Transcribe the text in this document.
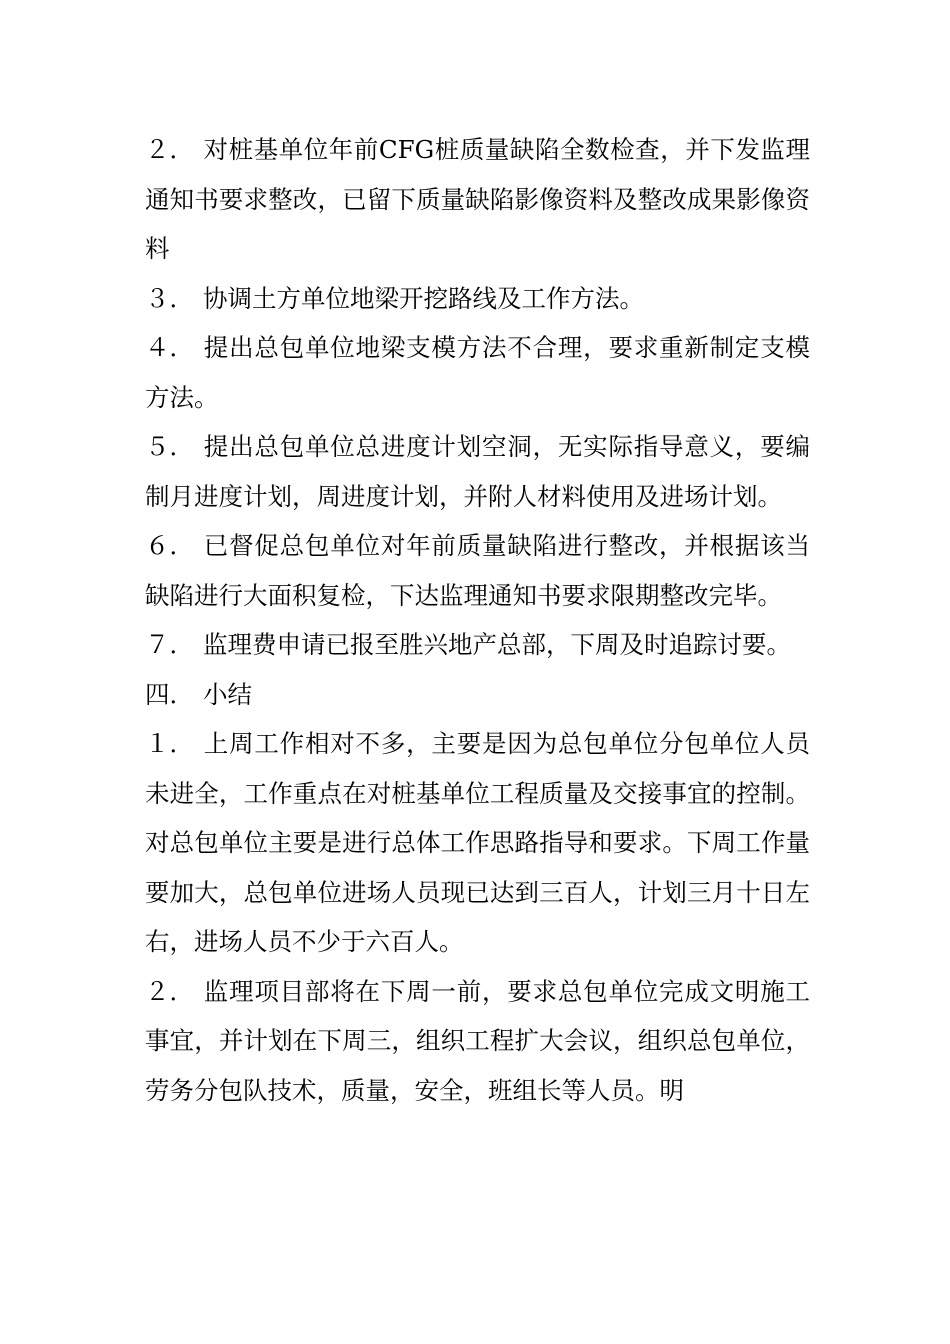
２． 对桩基单位年前CFG桩质量缺陷全数检查，并下发监理通知书要求整改，已留下质量缺陷影像资料及整改成果影像资料

３． 协调土方单位地梁开挖路线及工作方法。

４． 提出总包单位地梁支模方法不合理，要求重新制定支模方法。

５． 提出总包单位总进度计划空洞，无实际指导意义，要编制月进度计划，周进度计划，并附人材料使用及进场计划。

６． 已督促总包单位对年前质量缺陷进行整改，并根据该当缺陷进行大面积复检，下达监理通知书要求限期整改完毕。

７． 监理费申请已报至胜兴地产总部，下周及时追踪讨要。

四． 小结

１． 上周工作相对不多，主要是因为总包单位分包单位人员未进全，工作重点在对桩基单位工程质量及交接事宜的控制。对总包单位主要是进行总体工作思路指导和要求。下周工作量要加大，总包单位进场人员现已达到三百人，计划三月十日左右，进场人员不少于六百人。

２． 监理项目部将在下周一前，要求总包单位完成文明施工事宜，并计划在下周三，组织工程扩大会议，组织总包单位，劳务分包队技术，质量，安全，班组长等人员。明
